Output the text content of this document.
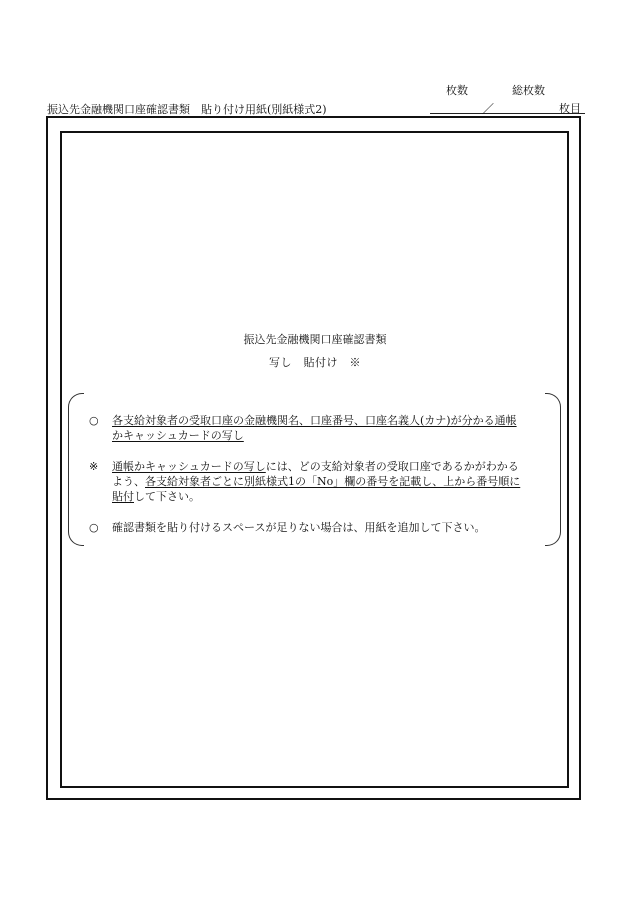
枚数	総枚数
振込先金融機関口座確認書類　貼り付け用紙(別紙様式2)	／	枚目
振込先金融機関口座確認書類
写し　貼付け　※
○ 各支給対象者の受取口座の金融機関名、口座番号、口座名義人(カナ)が分かる通帳
かキャッシュカードの写し
※ 通帳かキャッシュカードの写しには、どの支給対象者の受取口座であるかがわかる
よう、各支給対象者ごとに別紙様式1の「No」欄の番号を記載し、上から番号順に
貼付して下さい。
○ 確認書類を貼り付けるスペースが足りない場合は、用紙を追加して下さい。
